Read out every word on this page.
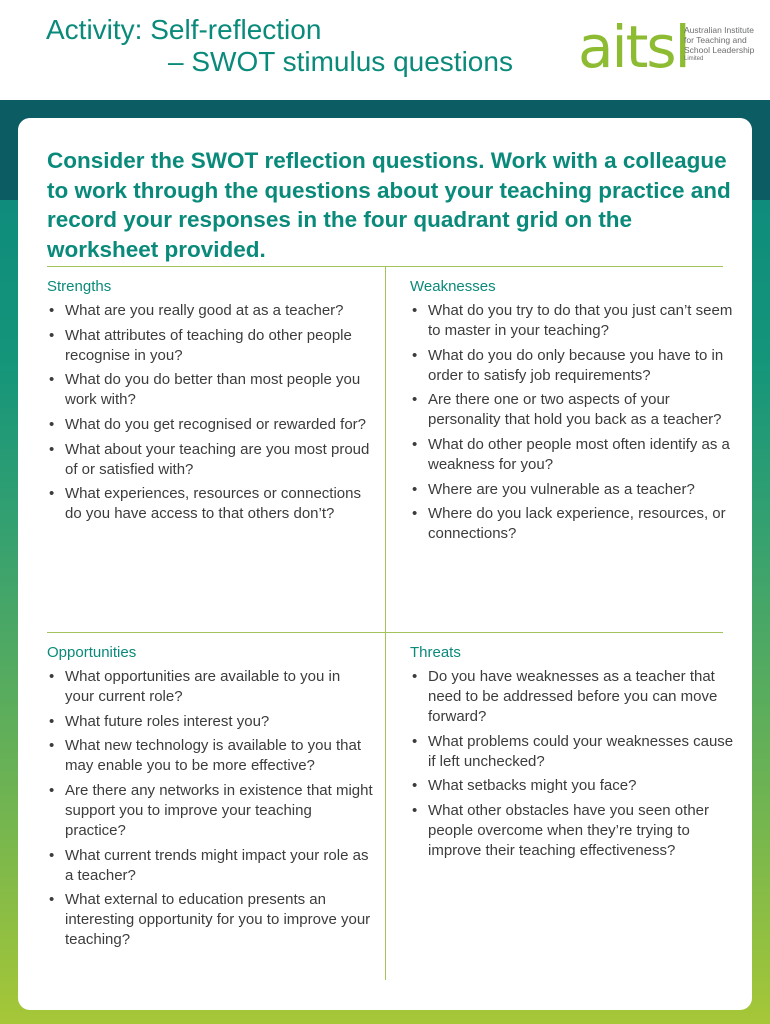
Activity: Self-reflection
– SWOT stimulus questions aitsl
Australian Institute
for Teaching and
School Leadership
Limited

Consider the SWOT reflection questions. Work with a colleague to work through the questions about your teaching practice and record your responses in the four quadrant grid on the worksheet provided.

Strengths
• What are you really good at as a teacher?
• What attributes of teaching do other people recognise in you?
• What do you do better than most people you work with?
• What do you get recognised or rewarded for?
• What about your teaching are you most proud of or satisfied with?
• What experiences, resources or connections do you have access to that others don’t?
Weaknesses
• What do you try to do that you just can’t seem to master in your teaching?
• What do you do only because you have to in order to satisfy job requirements?
• Are there one or two aspects of your personality that hold you back as a teacher?
• What do other people most often identify as a weakness for you?
• Where are you vulnerable as a teacher?
• Where do you lack experience, resources, or connections?
Opportunities
• What opportunities are available to you in your current role?
• What future roles interest you?
• What new technology is available to you that may enable you to be more effective?
• Are there any networks in existence that might support you to improve your teaching practice?
• What current trends might impact your role as a teacher?
• What external to education presents an interesting opportunity for you to improve your teaching?
Threats
• Do you have weaknesses as a teacher that need to be addressed before you can move forward?
• What problems could your weaknesses cause if left unchecked?
• What setbacks might you face?
• What other obstacles have you seen other people overcome when they’re trying to improve their teaching effectiveness?
